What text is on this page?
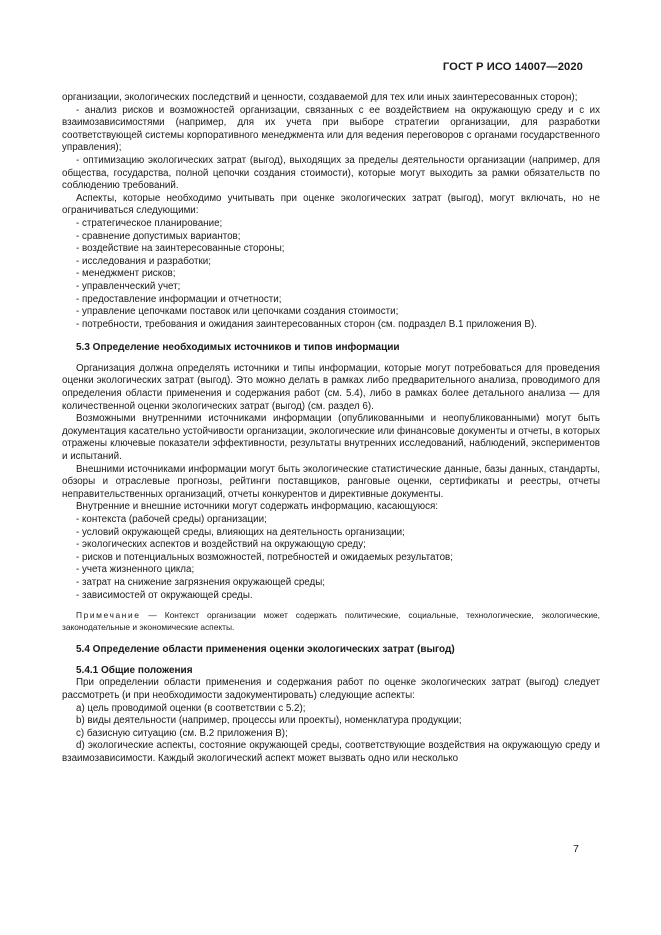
ГОСТ Р ИСО 14007—2020

организации, экологических последствий и ценности, создаваемой для тех или иных заинтересованных сторон);

- анализ рисков и возможностей организации, связанных с ее воздействием на окружающую среду и с их взаимозависимостями (например, для их учета при выборе стратегии организации, для разработки соответствующей системы корпоративного менеджмента или для ведения переговоров с органами государственного управления);

- оптимизацию экологических затрат (выгод), выходящих за пределы деятельности организации (например, для общества, государства, полной цепочки создания стоимости), которые могут выходить за рамки обязательств по соблюдению требований.

Аспекты, которые необходимо учитывать при оценке экологических затрат (выгод), могут включать, но не ограничиваться следующими:

- стратегическое планирование;

- сравнение допустимых вариантов;

- воздействие на заинтересованные стороны;

- исследования и разработки;

- менеджмент рисков;

- управленческий учет;

- предоставление информации и отчетности;

- управление цепочками поставок или цепочками создания стоимости;

- потребности, требования и ожидания заинтересованных сторон (см. подраздел В.1 приложения В).

5.3 Определение необходимых источников и типов информации

Организация должна определять источники и типы информации, которые могут потребоваться для проведения оценки экологических затрат (выгод). Это можно делать в рамках либо предварительного анализа, проводимого для определения области применения и содержания работ (см. 5.4), либо в рамках более детального анализа — для количественной оценки экологических затрат (выгод) (см. раздел 6).

Возможными внутренними источниками информации (опубликованными и неопубликованными) могут быть документация касательно устойчивости организации, экологические или финансовые документы и отчеты, в которых отражены ключевые показатели эффективности, результаты внутренних исследований, наблюдений, экспериментов и испытаний.

Внешними источниками информации могут быть экологические статистические данные, базы данных, стандарты, обзоры и отраслевые прогнозы, рейтинги поставщиков, ранговые оценки, сертификаты и реестры, отчеты неправительственных организаций, отчеты конкурентов и директивные документы.

Внутренние и внешние источники могут содержать информацию, касающуюся:

- контекста (рабочей среды) организации;

- условий окружающей среды, влияющих на деятельность организации;

- экологических аспектов и воздействий на окружающую среду;

- рисков и потенциальных возможностей, потребностей и ожидаемых результатов;

- учета жизненного цикла;

- затрат на снижение загрязнения окружающей среды;

- зависимостей от окружающей среды.

Примечание — Контекст организации может содержать политические, социальные, технологические, экологические, законодательные и экономические аспекты.
5.4 Определение области применения оценки экологических затрат (выгод)
5.4.1 Общие положения

При определении области применения и содержания работ по оценке экологических затрат (выгод) следует рассмотреть (и при необходимости задокументировать) следующие аспекты:

a) цель проводимой оценки (в соответствии с 5.2);

b) виды деятельности (например, процессы или проекты), номенклатура продукции;

c) базисную ситуацию (см. В.2 приложения В);

d) экологические аспекты, состояние окружающей среды, соответствующие воздействия на окружающую среду и взаимозависимости. Каждый экологический аспект может вызвать одно или несколько

7
